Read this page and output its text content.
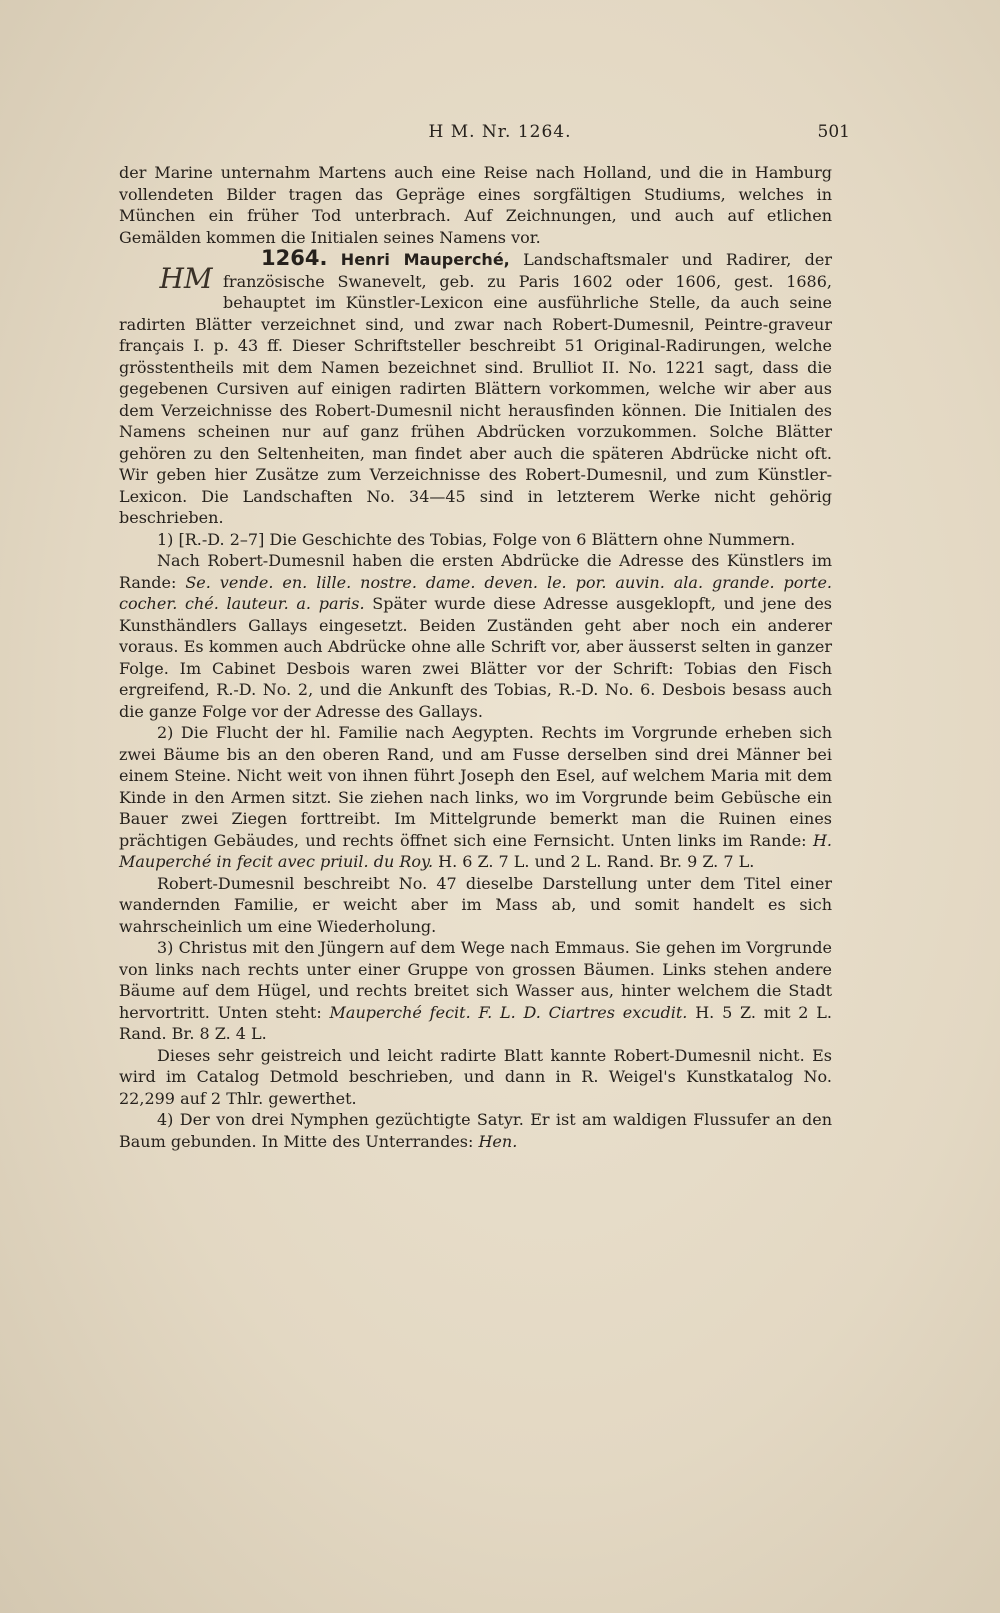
H M. Nr. 1264.	501

der Marine unternahm Martens auch eine Reise nach Holland, und die in Hamburg vollendeten Bilder tragen das Gepräge eines sorgfältigen Studiums, welches in München ein früher Tod unterbrach. Auf Zeichnungen, und auch auf etlichen Gemälden kommen die Initialen seines Namens vor.

1264. Henri Mauperché,
HM
Landschaftsmaler und Radirer, der französische Swanevelt, geb. zu Paris 1602 oder 1606, gest. 1686, behauptet im Künstler-Lexicon eine ausführliche Stelle, da auch seine radirten Blätter verzeichnet sind, und zwar nach Robert-Dumesnil, Peintre-graveur français I. p. 43 ff. Dieser Schriftsteller beschreibt 51 Original-Radirungen, welche grösstentheils mit dem Namen bezeichnet sind. Brulliot II. No. 1221 sagt, dass die gegebenen Cursiven auf einigen radirten Blättern vorkommen, welche wir aber aus dem Verzeichnisse des Robert-Dumesnil nicht herausfinden können. Die Initialen des Namens scheinen nur auf ganz frühen Abdrücken vorzukommen. Solche Blätter gehören zu den Seltenheiten, man findet aber auch die späteren Abdrücke nicht oft. Wir geben hier Zusätze zum Verzeichnisse des Robert-Dumesnil, und zum Künstler-Lexicon. Die Landschaften No. 34—45 sind in letzterem Werke nicht gehörig beschrieben.

1) [R.-D. 2–7] Die Geschichte des Tobias, Folge von 6 Blättern ohne Nummern.

Nach Robert-Dumesnil haben die ersten Abdrücke die Adresse des Künstlers im Rande: Se. vende. en. lille. nostre. dame. deven. le. por. auvin. ala. grande. porte. cocher. ché. lauteur. a. paris. Später wurde diese Adresse ausgeklopft, und jene des Kunsthändlers Gallays eingesetzt. Beiden Zuständen geht aber noch ein anderer voraus. Es kommen auch Abdrücke ohne alle Schrift vor, aber äusserst selten in ganzer Folge. Im Cabinet Desbois waren zwei Blätter vor der Schrift: Tobias den Fisch ergreifend, R.-D. No. 2, und die Ankunft des Tobias, R.-D. No. 6. Desbois besass auch die ganze Folge vor der Adresse des Gallays.

2) Die Flucht der hl. Familie nach Aegypten. Rechts im Vorgrunde erheben sich zwei Bäume bis an den oberen Rand, und am Fusse derselben sind drei Männer bei einem Steine. Nicht weit von ihnen führt Joseph den Esel, auf welchem Maria mit dem Kinde in den Armen sitzt. Sie ziehen nach links, wo im Vorgrunde beim Gebüsche ein Bauer zwei Ziegen forttreibt. Im Mittelgrunde bemerkt man die Ruinen eines prächtigen Gebäudes, und rechts öffnet sich eine Fernsicht. Unten links im Rande: H. Mauperché in fecit avec priuil. du Roy. H. 6 Z. 7 L. und 2 L. Rand. Br. 9 Z. 7 L.

Robert-Dumesnil beschreibt No. 47 dieselbe Darstellung unter dem Titel einer wandernden Familie, er weicht aber im Mass ab, und somit handelt es sich wahrscheinlich um eine Wiederholung.

3) Christus mit den Jüngern auf dem Wege nach Emmaus. Sie gehen im Vorgrunde von links nach rechts unter einer Gruppe von grossen Bäumen. Links stehen andere Bäume auf dem Hügel, und rechts breitet sich Wasser aus, hinter welchem die Stadt hervortritt. Unten steht: Mauperché fecit. F. L. D. Ciartres excudit. H. 5 Z. mit 2 L. Rand. Br. 8 Z. 4 L.

Dieses sehr geistreich und leicht radirte Blatt kannte Robert-Dumesnil nicht. Es wird im Catalog Detmold beschrieben, und dann in R. Weigel's Kunstkatalog No. 22,299 auf 2 Thlr. gewerthet.

4) Der von drei Nymphen gezüchtigte Satyr. Er ist am waldigen Flussufer an den Baum gebunden. In Mitte des Unterrandes: Hen.
